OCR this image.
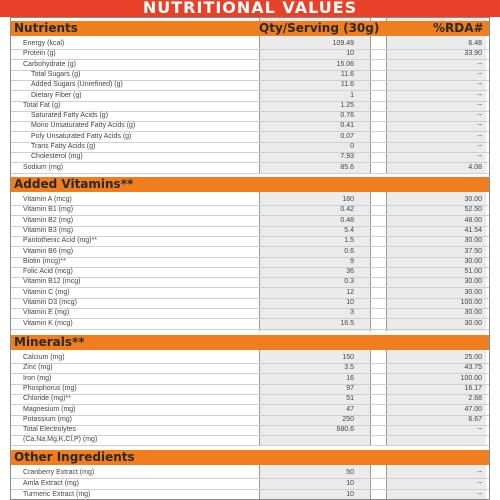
NUTRITIONAL VALUES
Nutrients	Qty/Serving (30g)	%RDA#
Energy (kcal)	109.49	6.48
Protein (g)	10	33.90
Carbohydrate (g)	15.06	--
Total Sugars (g)	11.6	--
Added Sugars (Unrefined) (g)	11.6	--
Dietary Fiber (g)	1	--
Total Fat (g)	1.25	--
Saturated Fatty Acids (g)	0.76	--
Mono Unsaturated Fatty Acids (g)	0.41	--
Poly Unsaturated Fatty Acids (g)	0.07	--
Trans Fatty Acids (g)	0	--
Cholesterol (mg)	7.93	--
Sodium (mg)	85.6	4.08
Added Vitamins**
Vitamin A (mcg)	180	30.00
Vitamin B1 (mg)	0.42	52.50
Vitamin B2 (mg)	0.48	48.00
Vitamin B3 (mg)	5.4	41.54
Pantothenic Acid (mg)**	1.5	30.00
Vitamin B6 (mg)	0.6	37.50
Biotin (mcg)**	9	30.00
Folic Acid (mcg)	36	51.00
Vitamin B12 (mcg)	0.3	30.00
Vitamin C (mg)	12	30.00
Vitamin D3 (mcg)	10	100.00
Vitamin E (mg)	3	30.00
Vitamin K (mcg)	16.5	30.00
Minerals**
Calcium (mg)	150	25.00
Zinc (mg)	3.5	43.75
Iron (mg)	16	100.00
Phosphorus (mg)	97	16.17
Chloride (mg)**	51	2.68
Magnesium (mg)	47	47.00
Potassium (mg)	250	6.67
Total Electrolytes	680.6	--
(Ca,Na,Mg,K,Cl,P) (mg)
Other Ingredients
Cranberry Extract (mg)	50	--
Amla Extract (mg)	10	--
Turmeric Extract (mg)	10	--
